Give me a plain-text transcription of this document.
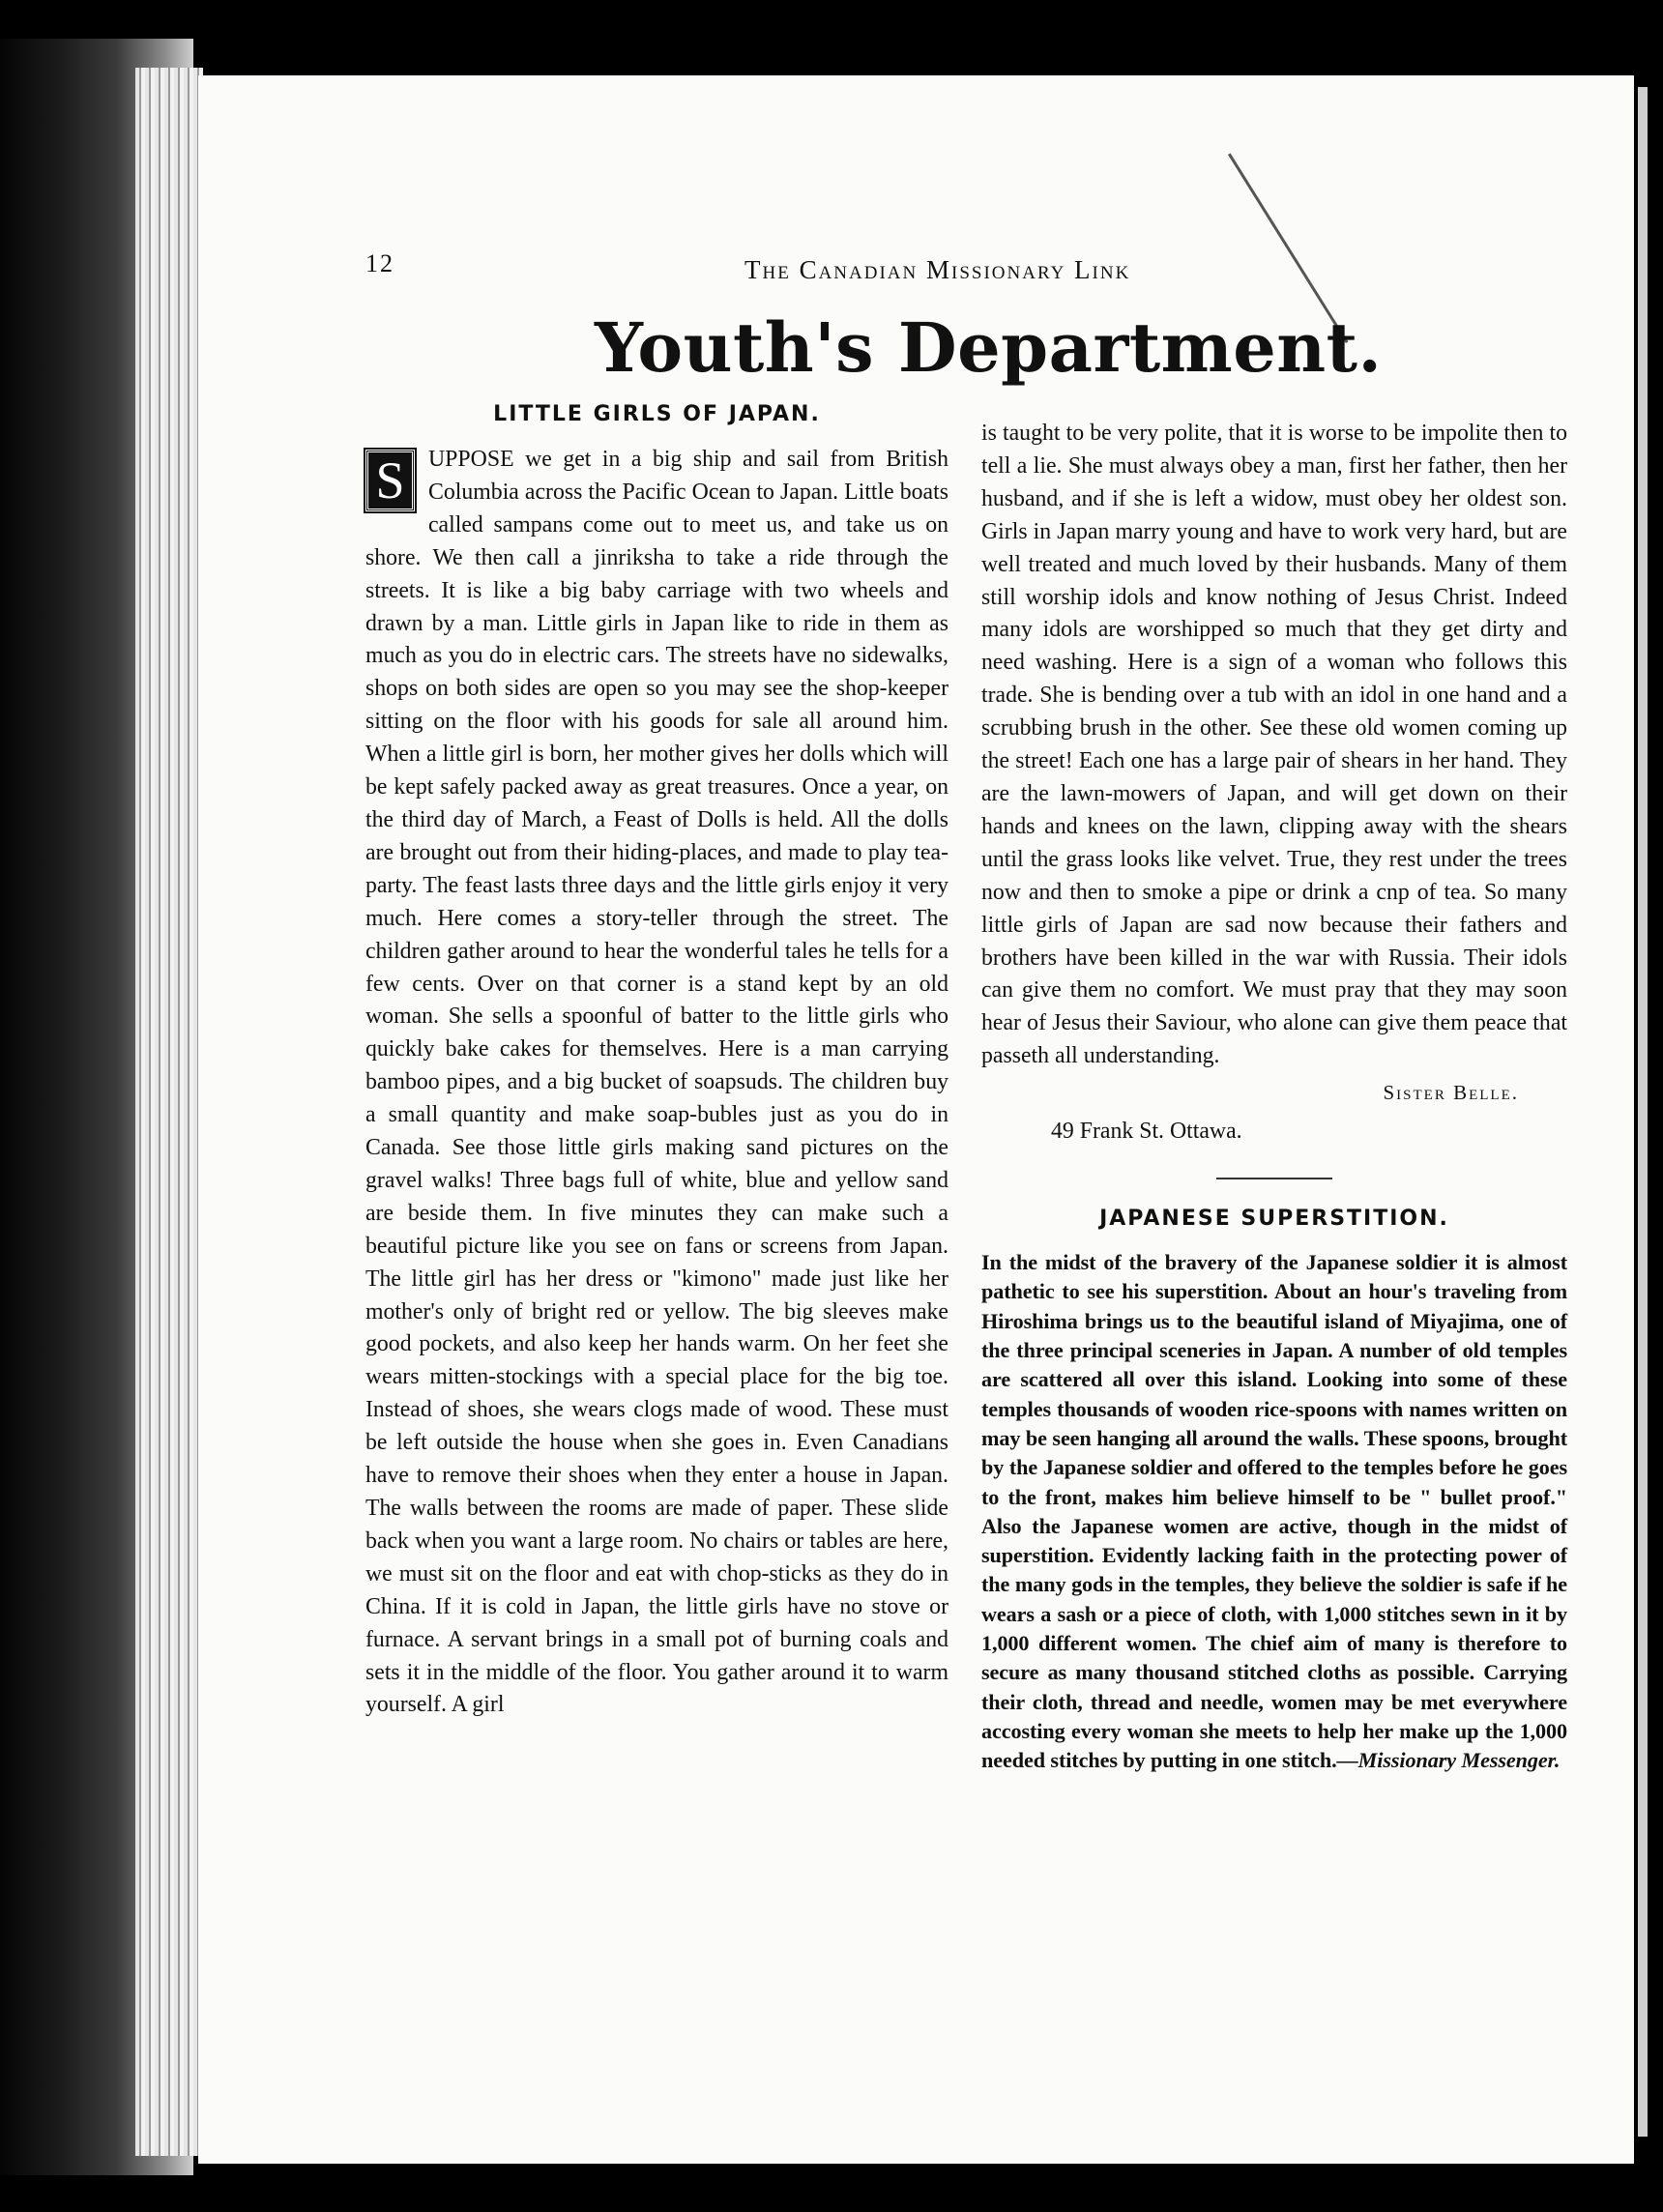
12	The Canadian Missionary Link
Youth's Department.
LITTLE GIRLS OF JAPAN.

S	UPPOSE we get in a big ship and sail from British Columbia across the Pacific Ocean to Japan. Little boats called sampans come out to meet us, and take us on shore. We then call a jinriksha to take a ride through the streets. It is like a big baby carriage with two wheels and drawn by a man. Little girls in Japan like to ride in them as much as you do in electric cars. The streets have no sidewalks, shops on both sides are open so you may see the shop-keeper sitting on the floor with his goods for sale all around him. When a little girl is born, her mother gives her dolls which will be kept safely packed away as great treasures. Once a year, on the third day of March, a Feast of Dolls is held. All the dolls are brought out from their hiding-places, and made to play tea-party. The feast lasts three days and the little girls enjoy it very much. Here comes a story-teller through the street. The children gather around to hear the wonderful tales he tells for a few cents. Over on that corner is a stand kept by an old woman. She sells a spoonful of batter to the little girls who quickly bake cakes for themselves. Here is a man carrying bamboo pipes, and a big bucket of soapsuds. The children buy a small quantity and make soap-bubles just as you do in Canada. See those little girls making sand pictures on the gravel walks! Three bags full of white, blue and yellow sand are beside them. In five minutes they can make such a beautiful picture like you see on fans or screens from Japan. The little girl has her dress or "kimono" made just like her mother's only of bright red or yellow. The big sleeves make good pockets, and also keep her hands warm. On her feet she wears mitten-stockings with a special place for the big toe. Instead of shoes, she wears clogs made of wood. These must be left outside the house when she goes in. Even Canadians have to remove their shoes when they enter a house in Japan. The walls between the rooms are made of paper. These slide back when you want a large room. No chairs or tables are here, we must sit on the floor and eat with chop-sticks as they do in China. If it is cold in Japan, the little girls have no stove or furnace. A servant brings in a small pot of burning coals and sets it in the middle of the floor. You gather around it to warm yourself. A girl

is taught to be very polite, that it is worse to be impolite then to tell a lie. She must always obey a man, first her father, then her husband, and if she is left a widow, must obey her oldest son. Girls in Japan marry young and have to work very hard, but are well treated and much loved by their husbands. Many of them still worship idols and know nothing of Jesus Christ. Indeed many idols are worshipped so much that they get dirty and need washing. Here is a sign of a woman who follows this trade. She is bending over a tub with an idol in one hand and a scrubbing brush in the other. See these old women coming up the street! Each one has a large pair of shears in her hand. They are the lawn-mowers of Japan, and will get down on their hands and knees on the lawn, clipping away with the shears until the grass looks like velvet. True, they rest under the trees now and then to smoke a pipe or drink a cnp of tea. So many little girls of Japan are sad now because their fathers and brothers have been killed in the war with Russia. Their idols can give them no comfort. We must pray that they may soon hear of Jesus their Saviour, who alone can give them peace that passeth all understanding.

Sister Belle.
49 Frank St. Ottawa.
JAPANESE SUPERSTITION.

In the midst of the bravery of the Japanese soldier it is almost pathetic to see his superstition. About an hour's traveling from Hiroshima brings us to the beautiful island of Miyajima, one of the three principal sceneries in Japan. A number of old temples are scattered all over this island. Looking into some of these temples thousands of wooden rice-spoons with names written on may be seen hanging all around the walls. These spoons, brought by the Japanese soldier and offered to the temples before he goes to the front, makes him believe himself to be " bullet proof." Also the Japanese women are active, though in the midst of superstition. Evidently lacking faith in the protecting power of the many gods in the temples, they believe the soldier is safe if he wears a sash or a piece of cloth, with 1,000 stitches sewn in it by 1,000 different women. The chief aim of many is therefore to secure as many thousand stitched cloths as possible. Carrying their cloth, thread and needle, women may be met everywhere accosting every woman she meets to help her make up the 1,000 needed stitches by putting in one stitch.—Missionary Messenger.
